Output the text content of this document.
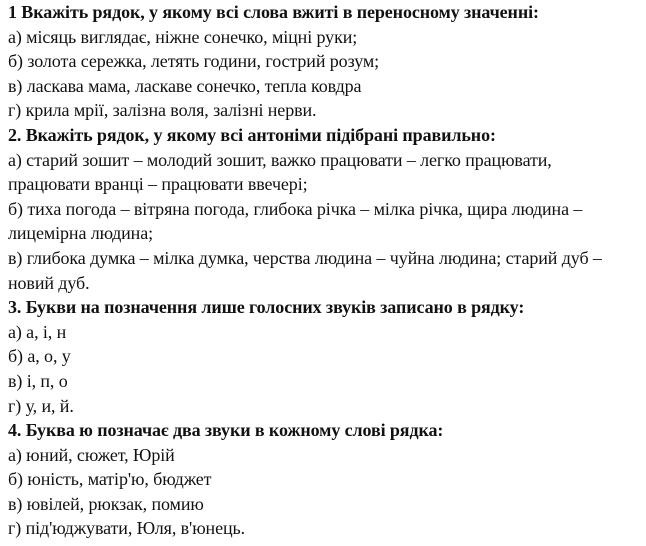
1 Вкажіть рядок, у якому всі слова вжиті в переносному значенні:
а) місяць виглядає, ніжне сонечко, міцні руки;
б) золота сережка, летять години, гострий розум;
в) ласкава мама, ласкаве сонечко, тепла ковдра
г) крила мрії, залізна воля, залізні нерви.
2. Вкажіть рядок, у якому всі антоніми підібрані правильно:
а) старий зошит – молодий зошит, важко працювати – легко працювати,
працювати вранці – працювати ввечері;
б) тиха погода – вітряна погода, глибока річка – мілка річка, щира людина –
лицемірна людина;
в) глибока думка – мілка думка, черства людина – чуйна людина; старий дуб –
новий дуб.
3. Букви на позначення лише голосних звуків записано в рядку:
а) а, і, н
б) а, о, у
в) і, п, о
г) у, и, й.
4. Буква ю позначає два звуки в кожному слові рядка:
а) юний, сюжет, Юрій
б) юність, матір'ю, бюджет
в) ювілей, рюкзак, помию
г) під'юджувати, Юля, в'юнець.
